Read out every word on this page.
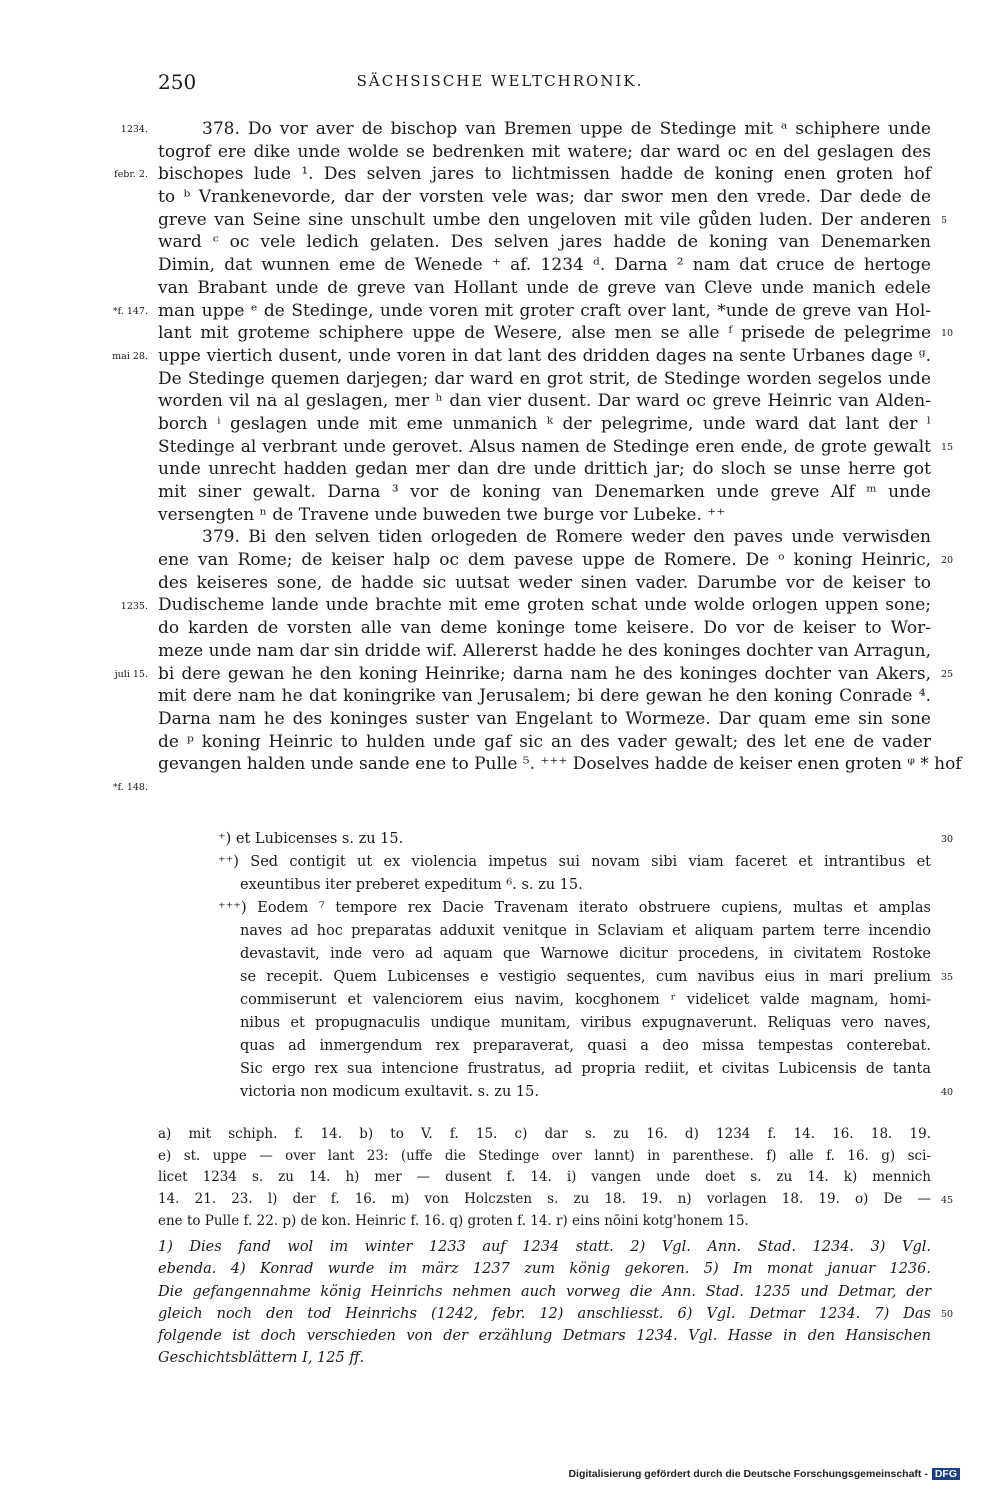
250	SÄCHSISCHE WELTCHRONIK.
378. Do vor aver de bischop van Bremen uppe de Stedinge mit ᵃ schiphere unde
togrof ere dike unde wolde se bedrenken mit watere; dar ward oc en del geslagen des
bischopes lude ¹. Des selven jares to lichtmissen hadde de koning enen groten hof
to ᵇ Vrankenevorde, dar der vorsten vele was; dar swor men den vrede. Dar dede de
greve van Seine sine unschult umbe den ungeloven mit vile gůden luden. Der anderen
ward ᶜ oc vele ledich gelaten. Des selven jares hadde de koning van Denemarken
Dimin, dat wunnen eme de Wenede ⁺ af. 1234 ᵈ. Darna ² nam dat cruce de hertoge
van Brabant unde de greve van Hollant unde de greve van Cleve unde manich edele
man uppe ᵉ de Stedinge, unde voren mit groter craft over lant, *unde de greve van Hol-
lant mit groteme schiphere uppe de Wesere, alse men se alle ᶠ prisede de pelegrime
uppe viertich dusent, unde voren in dat lant des dridden dages na sente Urbanes dage ᵍ.
De Stedinge quemen darjegen; dar ward en grot strit, de Stedinge worden segelos unde
worden vil na al geslagen, mer ʰ dan vier dusent. Dar ward oc greve Heinric van Alden-
borch ⁱ geslagen unde mit eme unmanich ᵏ der pelegrime, unde ward dat lant der ˡ
Stedinge al verbrant unde gerovet. Alsus namen de Stedinge eren ende, de grote gewalt
unde unrecht hadden gedan mer dan dre unde drittich jar; do sloch se unse herre got
mit siner gewalt. Darna ³ vor de koning van Denemarken unde greve Alf ᵐ unde
versengten ⁿ de Travene unde buweden twe burge vor Lubeke. ⁺⁺
379. Bi den selven tiden orlogeden de Romere weder den paves unde verwisden
ene van Rome; de keiser halp oc dem pavese uppe de Romere. De ᵒ koning Heinric,
des keiseres sone, de hadde sic uutsat weder sinen vader. Darumbe vor de keiser to
Dudischeme lande unde brachte mit eme groten schat unde wolde orlogen uppen sone;
do karden de vorsten alle van deme koninge tome keisere. Do vor de keiser to Wor-
meze unde nam dar sin dridde wif. Allererst hadde he des koninges dochter van Arragun,
bi dere gewan he den koning Heinrike; darna nam he des koninges dochter van Akers,
mit dere nam he dat koningrike van Jerusalem; bi dere gewan he den koning Conrade ⁴.
Darna nam he des koninges suster van Engelant to Wormeze. Dar quam eme sin sone
de ᵖ koning Heinric to hulden unde gaf sic an des vader gewalt; des let ene de vader
gevangen halden unde sande ene to Pulle ⁵. ⁺⁺⁺ Doselves hadde de keiser enen groten ᵠ * hof
⁺) et Lubicenses s. zu 15.
⁺⁺) Sed contigit ut ex violencia impetus sui novam sibi viam faceret et intrantibus et
exeuntibus iter preberet expeditum ⁶. s. zu 15.
⁺⁺⁺) Eodem ⁷ tempore rex Dacie Travenam iterato obstruere cupiens, multas et amplas
naves ad hoc preparatas adduxit venitque in Sclaviam et aliquam partem terre incendio
devastavit, inde vero ad aquam que Warnowe dicitur procedens, in civitatem Rostoke
se recepit. Quem Lubicenses e vestigio sequentes, cum navibus eius in mari prelium
commiserunt et valenciorem eius navim, kocghonem ʳ videlicet valde magnam, homi-
nibus et propugnaculis undique munitam, viribus expugnaverunt. Reliquas vero naves,
quas ad inmergendum rex preparaverat, quasi a deo missa tempestas conterebat.
Sic ergo rex sua intencione frustratus, ad propria rediit, et civitas Lubicensis de tanta
victoria non modicum exultavit. s. zu 15.
a) mit schiph. f. 14. b) to V. f. 15. c) dar s. zu 16. d) 1234 f. 14. 16. 18. 19.
e) st. uppe — over lant 23: (uffe die Stedinge over lannt) in parenthese. f) alle f. 16. g) sci-
licet 1234 s. zu 14. h) mer — dusent f. 14. i) vangen unde doet s. zu 14. k) mennich
14. 21. 23. l) der f. 16. m) von Holczsten s. zu 18. 19. n) vorlagen 18. 19. o) De —
ene to Pulle f. 22. p) de kon. Heinric f. 16. q) groten f. 14. r) eins nōini kotg'honem 15.
1) Dies fand wol im winter 1233 auf 1234 statt. 2) Vgl. Ann. Stad. 1234. 3) Vgl.
ebenda. 4) Konrad wurde im märz 1237 zum könig gekoren. 5) Im monat januar 1236.
Die gefangennahme könig Heinrichs nehmen auch vorweg die Ann. Stad. 1235 und Detmar, der
gleich noch den tod Heinrichs (1242, febr. 12) anschliesst. 6) Vgl. Detmar 1234. 7) Das
folgende ist doch verschieden von der erzählung Detmars 1234. Vgl. Hasse in den Hansischen
Geschichtsblättern I, 125 ff.
Digitalisierung gefördert durch die Deutsche Forschungsgemeinschaft - DFG
1234.
febr. 2.
*f. 147.
mai 28.
1235.
juli 15.
*f. 148.
5
10
15
20
25
30
35
40
45
50
